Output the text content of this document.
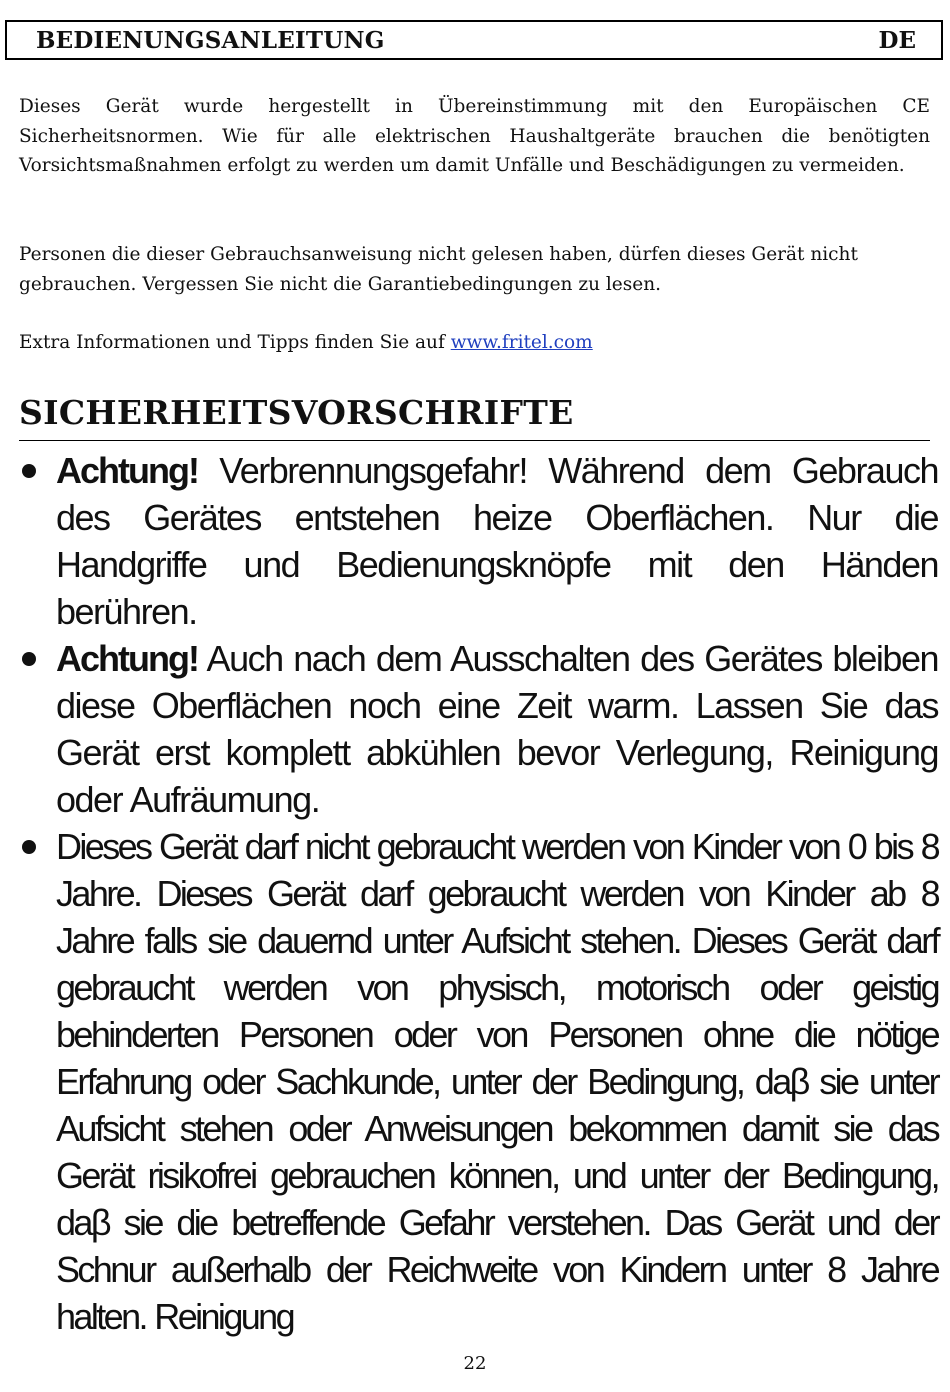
BEDIENUNGSANLEITUNG	DE

Dieses Gerät wurde hergestellt in Übereinstimmung mit den Europäischen CE Sicherheitsnormen. Wie für alle elektrischen Haushaltgeräte brauchen die benötigten Vorsichtsmaßnahmen erfolgt zu werden um damit Unfälle und Beschädigungen zu vermeiden.

Personen die dieser Gebrauchsanweisung nicht gelesen haben, dürfen dieses Gerät nicht gebrauchen. Vergessen Sie nicht die Garantiebedingungen zu lesen.

Extra Informationen und Tipps finden Sie auf www.fritel.com

SICHERHEITSVORSCHRIFTE
Achtung! Verbrennungsgefahr! Während dem Gebrauch des Gerätes entstehen heize Oberflächen. Nur die Handgriffe und Bedienungsknöpfe mit den Händen berühren.
Achtung! Auch nach dem Ausschalten des Gerätes bleiben diese Oberflächen noch eine Zeit warm. Lassen Sie das Gerät erst komplett abkühlen bevor Verlegung, Reinigung oder Aufräumung.
Dieses Gerät darf nicht gebraucht werden von Kinder von 0 bis 8 Jahre. Dieses Gerät darf gebraucht werden von Kinder ab 8 Jahre falls sie dauernd unter Aufsicht stehen. Dieses Gerät darf gebraucht werden von physisch, motorisch oder geistig behinderten Personen oder von Personen ohne die nötige Erfahrung oder Sachkunde, unter der Bedingung, daβ sie unter Aufsicht stehen oder Anweisungen bekommen damit sie das Gerät risikofrei gebrauchen können, und unter der Bedingung, daβ sie die betreffende Gefahr verstehen. Das Gerät und der Schnur außerhalb der Reichweite von Kindern unter 8 Jahre halten. Reinigung
22
